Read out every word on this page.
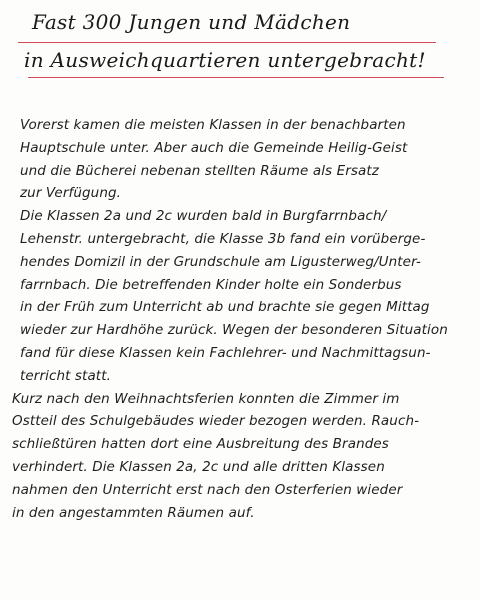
Fast 300 Jungen und Mädchen
in Ausweichquartieren untergebracht!
Vorerst kamen die meisten Klassen in der benachbarten
Hauptschule unter. Aber auch die Gemeinde Heilig-Geist
und die Bücherei nebenan stellten Räume als Ersatz
zur Verfügung.
Die Klassen 2a und 2c wurden bald in Burgfarrnbach/
Lehenstr. untergebracht, die Klasse 3b fand ein vorüberge-
hendes Domizil in der Grundschule am Ligusterweg/Unter-
farrnbach. Die betreffenden Kinder holte ein Sonderbus
in der Früh zum Unterricht ab und brachte sie gegen Mittag
wieder zur Hardhöhe zurück. Wegen der besonderen Situation
fand für diese Klassen kein Fachlehrer- und Nachmittagsun-
terricht statt.
Kurz nach den Weihnachtsferien konnten die Zimmer im
Ostteil des Schulgebäudes wieder bezogen werden. Rauch-
schließtüren hatten dort eine Ausbreitung des Brandes
verhindert. Die Klassen 2a, 2c und alle dritten Klassen
nahmen den Unterricht erst nach den Osterferien wieder
in den angestammten Räumen auf.
